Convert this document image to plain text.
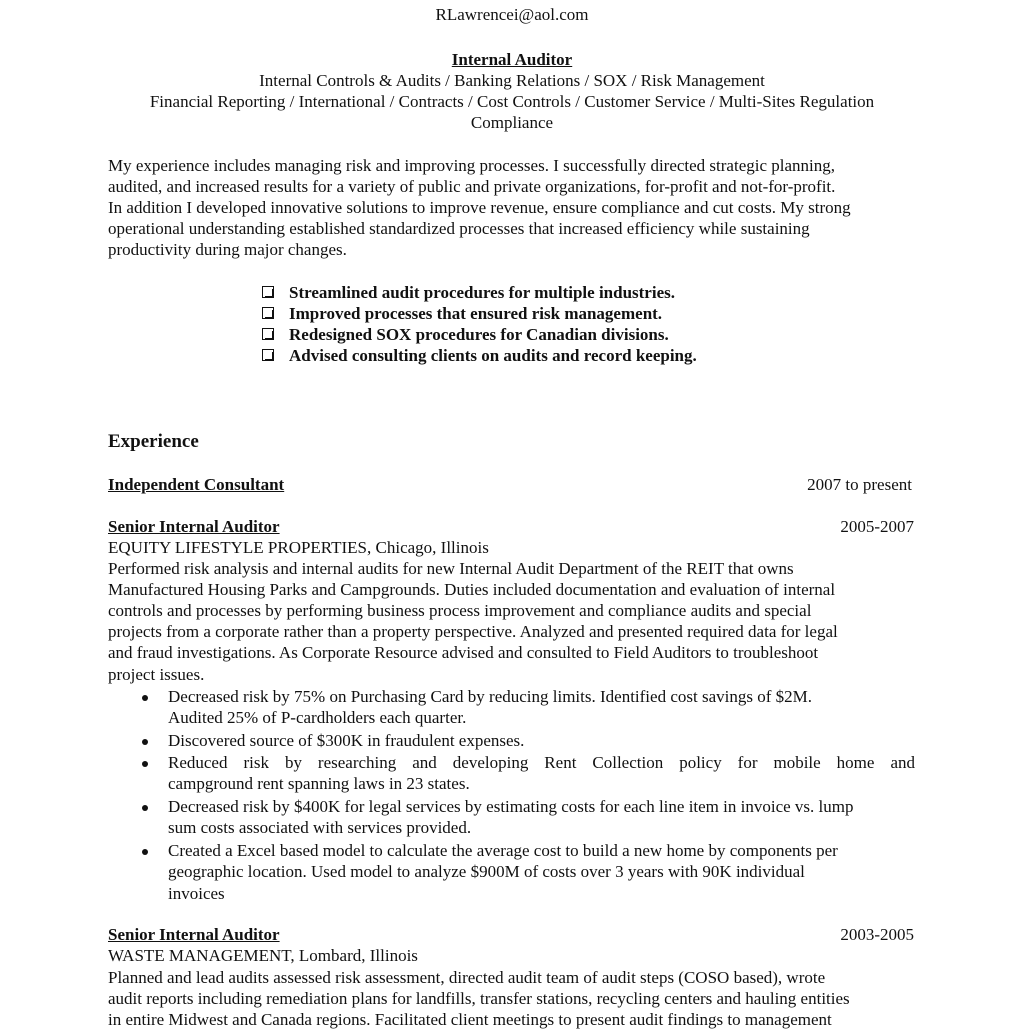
RLawrencei@aol.com
Internal Auditor
Internal Controls & Audits / Banking Relations / SOX / Risk Management
Financial Reporting / International / Contracts / Cost Controls / Customer Service / Multi-Sites Regulation
Compliance
My experience includes managing risk and improving processes. I successfully directed strategic planning,
audited, and increased results for a variety of public and private organizations, for-profit and not-for-profit.
In addition I developed innovative solutions to improve revenue, ensure compliance and cut costs. My strong
operational understanding established standardized processes that increased efficiency while sustaining
productivity during major changes.
Streamlined audit procedures for multiple industries.
Improved processes that ensured risk management.
Redesigned SOX procedures for Canadian divisions.
Advised consulting clients on audits and record keeping.
Experience
Independent Consultant	2007 to present
Senior Internal Auditor	2005-2007
EQUITY LIFESTYLE PROPERTIES, Chicago, Illinois
Performed risk analysis and internal audits for new Internal Audit Department of the REIT that owns
Manufactured Housing Parks and Campgrounds. Duties included documentation and evaluation of internal
controls and processes by performing business process improvement and compliance audits and special
projects from a corporate rather than a property perspective. Analyzed and presented required data for legal
and fraud investigations. As Corporate Resource advised and consulted to Field Auditors to troubleshoot
project issues.
Decreased risk by 75% on Purchasing Card by reducing limits. Identified cost savings of $2M.
Audited 25% of P-cardholders each quarter.
Discovered source of $300K in fraudulent expenses.
Reduced risk by researching and developing Rent Collection policy for mobile home and
campground rent spanning laws in 23 states.
Decreased risk by $400K for legal services by estimating costs for each line item in invoice vs. lump
sum costs associated with services provided.
Created a Excel based model to calculate the average cost to build a new home by components per
geographic location. Used model to analyze $900M of costs over 3 years with 90K individual
invoices
Senior Internal Auditor	2003-2005
WASTE MANAGEMENT, Lombard, Illinois
Planned and lead audits assessed risk assessment, directed audit team of audit steps (COSO based), wrote
audit reports including remediation plans for landfills, transfer stations, recycling centers and hauling entities
in entire Midwest and Canada regions. Facilitated client meetings to present audit findings to management
